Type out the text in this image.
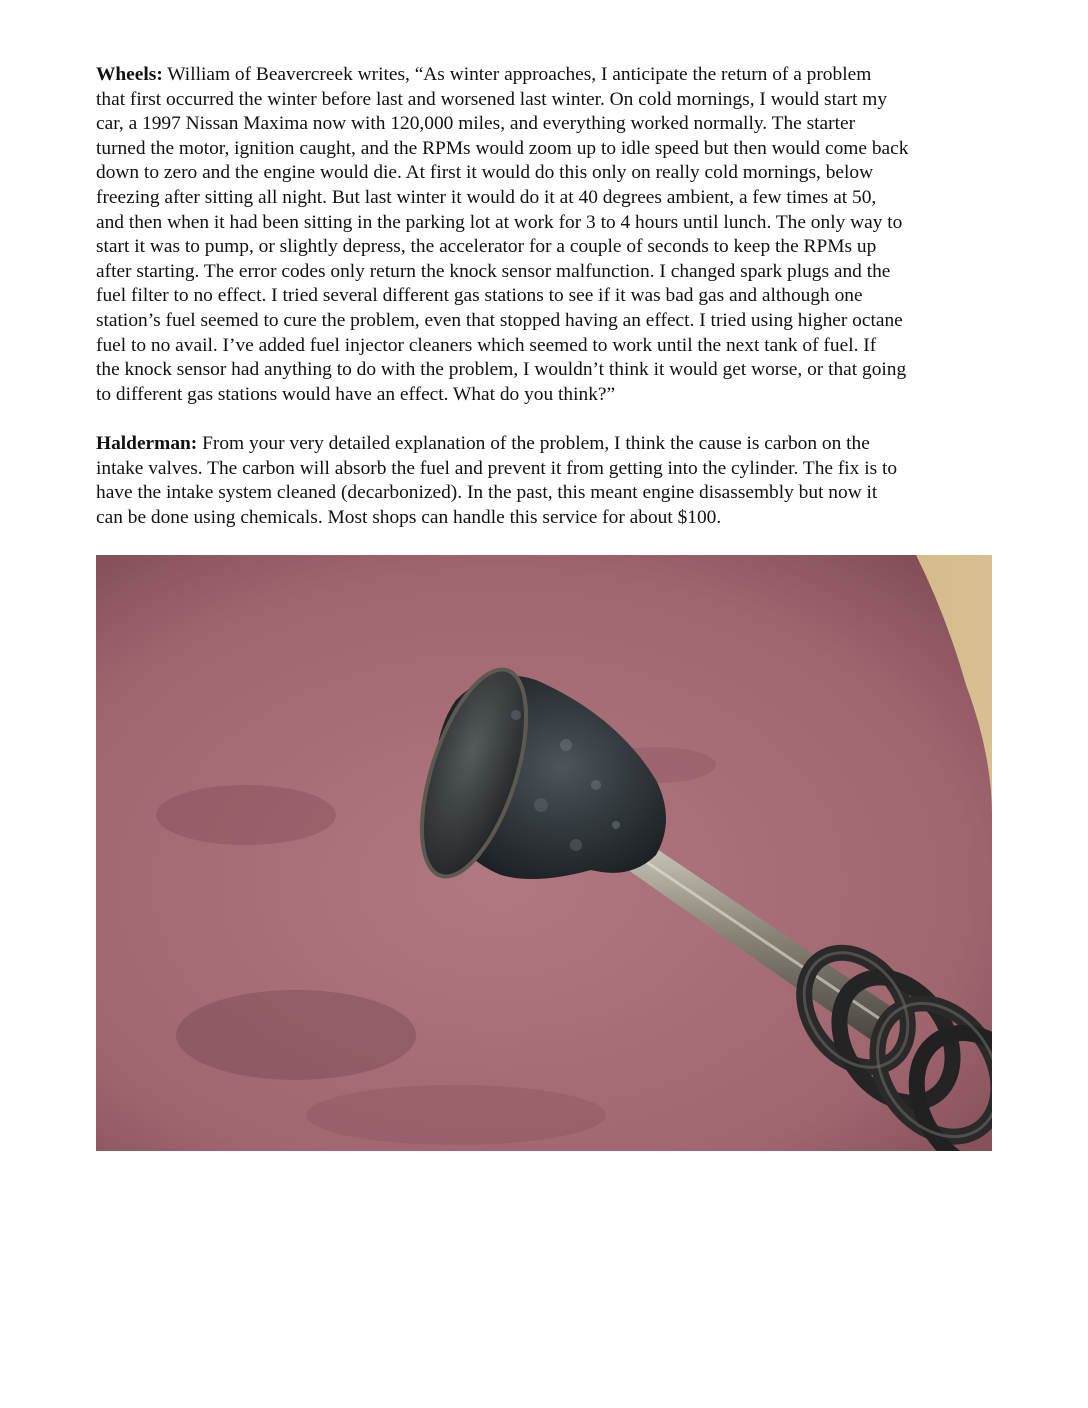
Wheels: William of Beavercreek writes, “As winter approaches, I anticipate the return of a problem

that first occurred the winter before last and worsened last winter. On cold mornings, I would start my

car, a 1997 Nissan Maxima now with 120,000 miles, and everything worked normally. The starter

turned the motor, ignition caught, and the RPMs would zoom up to idle speed but then would come back

down to zero and the engine would die. At first it would do this only on really cold mornings, below

freezing after sitting all night. But last winter it would do it at 40 degrees ambient, a few times at 50,

and then when it had been sitting in the parking lot at work for 3 to 4 hours until lunch. The only way to

start it was to pump, or slightly depress, the accelerator for a couple of seconds to keep the RPMs up

after starting. The error codes only return the knock sensor malfunction. I changed spark plugs and the

fuel filter to no effect. I tried several different gas stations to see if it was bad gas and although one

station’s fuel seemed to cure the problem, even that stopped having an effect. I tried using higher octane

fuel to no avail. I’ve added fuel injector cleaners which seemed to work until the next tank of fuel. If

the knock sensor had anything to do with the problem, I wouldn’t think it would get worse, or that going

to different gas stations would have an effect. What do you think?”

Halderman: From your very detailed explanation of the problem, I think the cause is carbon on the

intake valves. The carbon will absorb the fuel and prevent it from getting into the cylinder. The fix is to

have the intake system cleaned (decarbonized). In the past, this meant engine disassembly but now it

can be done using chemicals. Most shops can handle this service for about $100.
